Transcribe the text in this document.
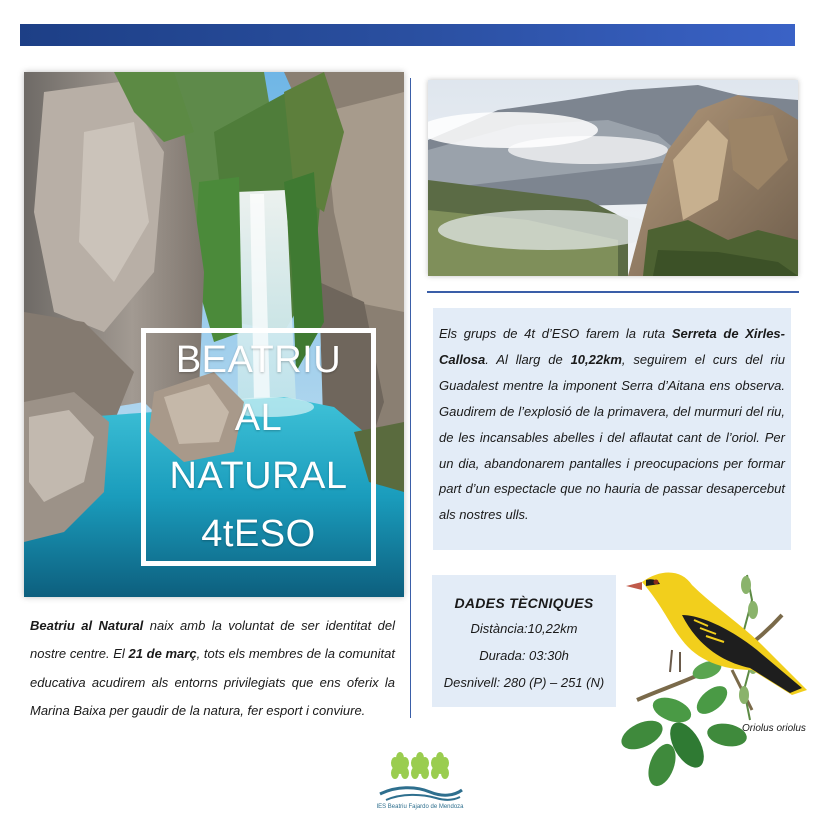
BEATRIU
AL
NATURAL
4tESO
Beatriu al Natural naix amb la voluntat de ser identitat del nostre centre. El 21 de març, tots els membres de la comunitat educativa acudirem als entorns privilegiats que ens oferix la Marina Baixa per gaudir de la natura, fer esport i conviure.
Els grups de 4t d’ESO farem la ruta Serreta de Xirles-Callosa. Al llarg de 10,22km, seguirem el curs del riu Guadalest mentre la imponent Serra d’Aitana ens observa. Gaudirem de l’explosió de la primavera, del murmuri del riu, de les incansables abelles i del aflautat cant de l’oriol. Per un dia, abandonarem pantalles i preocupacions per formar part d’un espectacle que no hauria de passar desapercebut als nostres ulls.
DADES TÈCNIQUES
Distància:10,22km
Durada: 03:30h
Desnivell: 280 (P) – 251 (N)
Oriolus oriolus
IES Beatriu Fajardo de Mendoza
